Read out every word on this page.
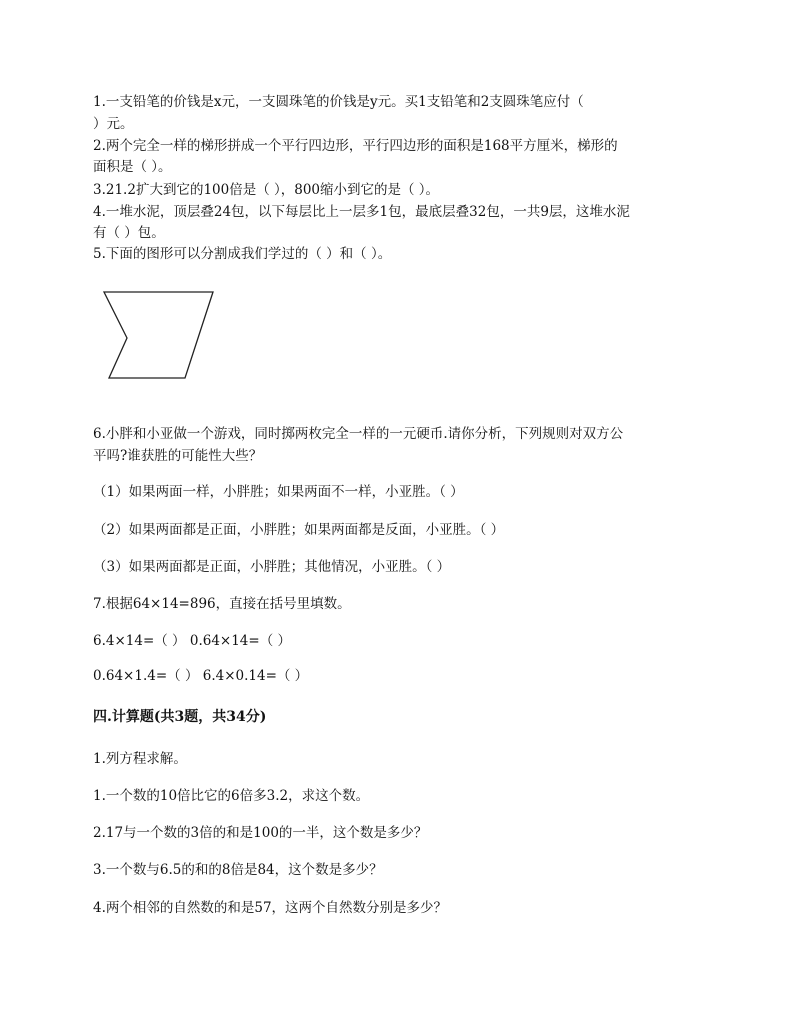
1.一支铅笔的价钱是x元，一支圆珠笔的价钱是y元。买1支铅笔和2支圆珠笔应付（
）元。
2.两个完全一样的梯形拼成一个平行四边形，平行四边形的面积是168平方厘米，梯形的
面积是（ ）。
3.21.2扩大到它的100倍是（ ），800缩小到它的是（ ）。
4.一堆水泥，顶层叠24包，以下每层比上一层多1包，最底层叠32包，一共9层，这堆水泥
有（ ）包。
5.下面的图形可以分割成我们学过的（ ）和（ ）。
6.小胖和小亚做一个游戏，同时掷两枚完全一样的一元硬币.请你分析，下列规则对双方公
平吗?谁获胜的可能性大些？
（1）如果两面一样，小胖胜；如果两面不一样，小亚胜。（ ）
（2）如果两面都是正面，小胖胜；如果两面都是反面，小亚胜。（ ）
（3）如果两面都是正面，小胖胜；其他情况，小亚胜。（ ）
7.根据64×14=896，直接在括号里填数。
6.4×14=（ ） 0.64×14=（ ）
0.64×1.4=（ ） 6.4×0.14=（ ）
四.计算题(共3题，共34分)
1.列方程求解。
1.一个数的10倍比它的6倍多3.2，求这个数。
2.17与一个数的3倍的和是100的一半，这个数是多少？
3.一个数与6.5的和的8倍是84，这个数是多少？
4.两个相邻的自然数的和是57，这两个自然数分别是多少？
